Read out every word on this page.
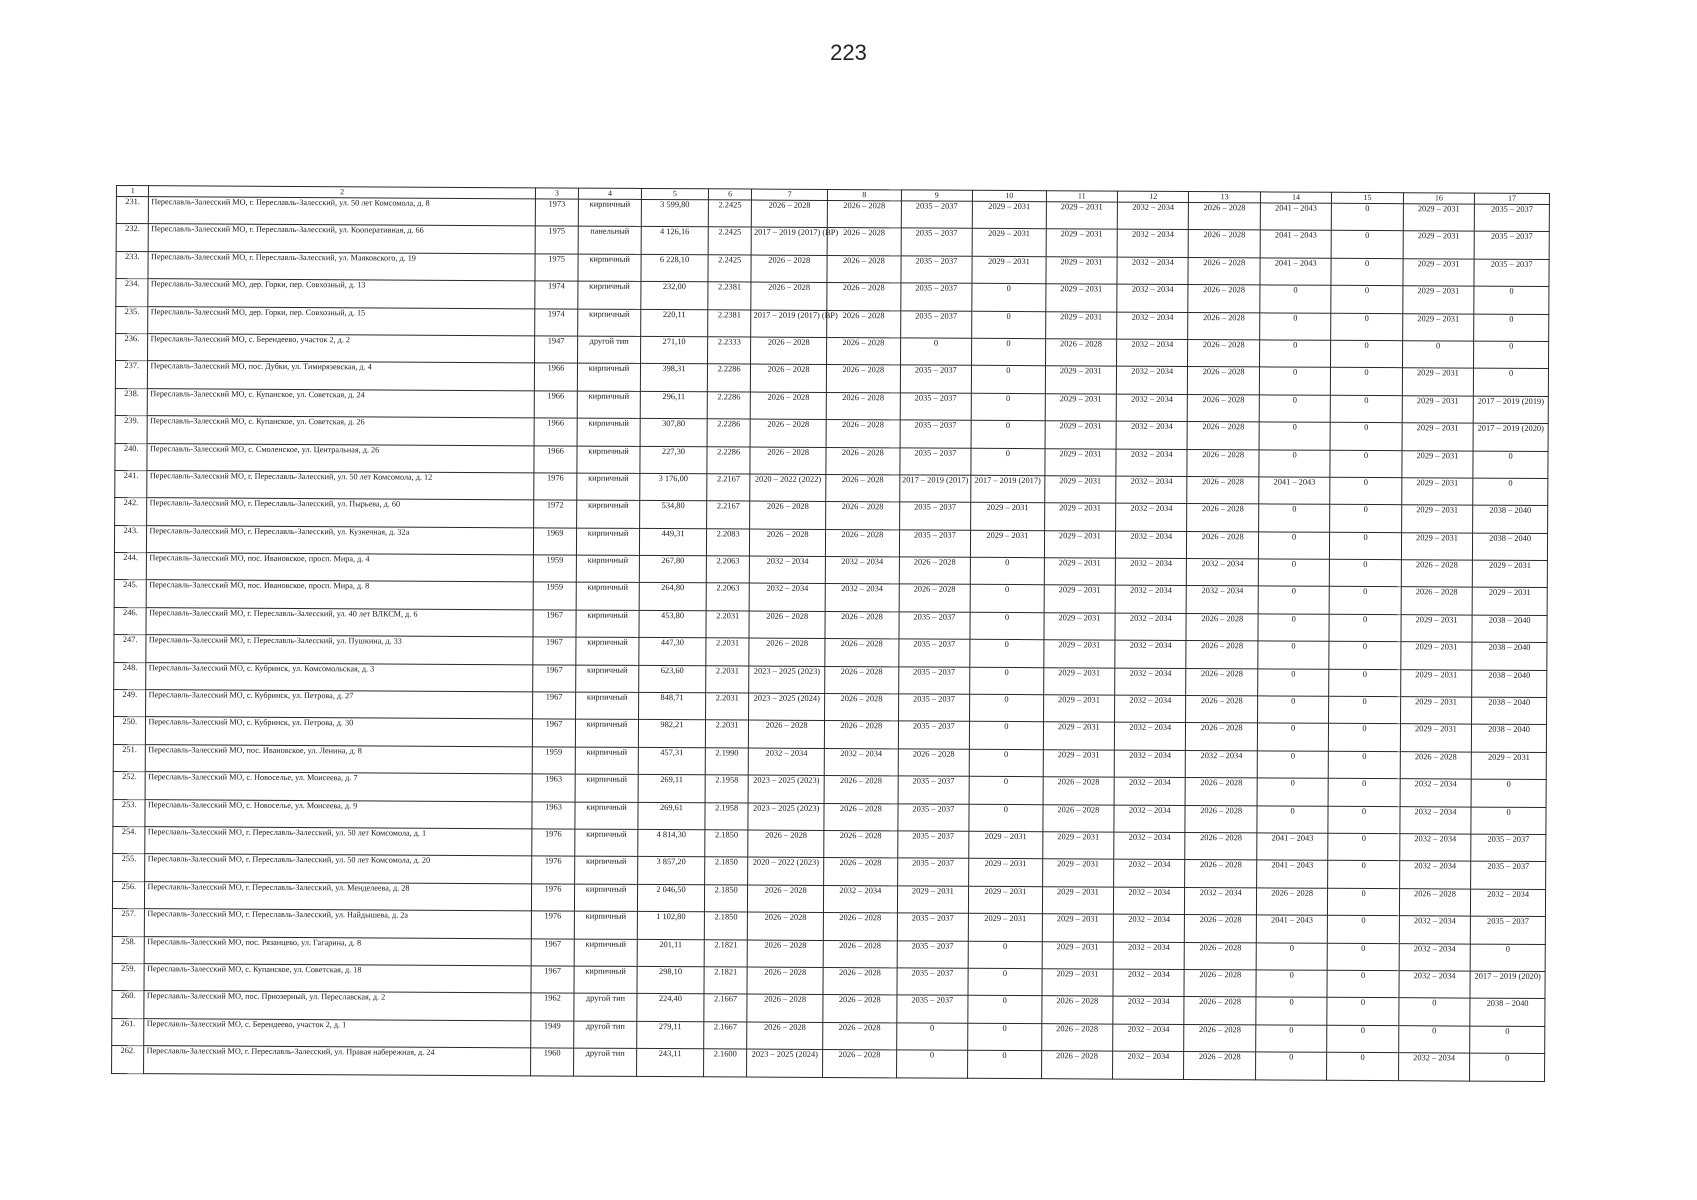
223
1	2	3	4	5	6	7	8	9	10	11	12	13	14	15	16	17
231.	Переславль-Залесский МО, г. Переславль-Залесский, ул. 50 лет Комсомола, д. 8	1973	кирпичный	3 599,80	2.2425	2026 – 2028	2026 – 2028	2035 – 2037	2029 – 2031	2029 – 2031	2032 – 2034	2026 – 2028	2041 – 2043	0	2029 – 2031	2035 – 2037
232.	Переславль-Залесский МО, г. Переславль-Залесский, ул. Кооперативная, д. 66	1975	панельный	4 126,16	2.2425	2017 – 2019 (2017) (ВР)	2026 – 2028	2035 – 2037	2029 – 2031	2029 – 2031	2032 – 2034	2026 – 2028	2041 – 2043	0	2029 – 2031	2035 – 2037
233.	Переславль-Залесский МО, г. Переславль-Залесский, ул. Маяковского, д. 19	1975	кирпичный	6 228,10	2.2425	2026 – 2028	2026 – 2028	2035 – 2037	2029 – 2031	2029 – 2031	2032 – 2034	2026 – 2028	2041 – 2043	0	2029 – 2031	2035 – 2037
234.	Переславль-Залесский МО, дер. Горки, пер. Совхозный, д. 13	1974	кирпичный	232,00	2.2381	2026 – 2028	2026 – 2028	2035 – 2037	0	2029 – 2031	2032 – 2034	2026 – 2028	0	0	2029 – 2031	0
235.	Переславль-Залесский МО, дер. Горки, пер. Совхозный, д. 15	1974	кирпичный	220,11	2.2381	2017 – 2019 (2017) (ВР)	2026 – 2028	2035 – 2037	0	2029 – 2031	2032 – 2034	2026 – 2028	0	0	2029 – 2031	0
236.	Переславль-Залесский МО, с. Берендеево, участок 2, д. 2	1947	другой тип	271,10	2.2333	2026 – 2028	2026 – 2028	0	0	2026 – 2028	2032 – 2034	2026 – 2028	0	0	0	0
237.	Переславль-Залесский МО, пос. Дубки, ул. Тимирязевская, д. 4	1966	кирпичный	398,31	2.2286	2026 – 2028	2026 – 2028	2035 – 2037	0	2029 – 2031	2032 – 2034	2026 – 2028	0	0	2029 – 2031	0
238.	Переславль-Залесский МО, с. Купанское, ул. Советская, д. 24	1966	кирпичный	296,11	2.2286	2026 – 2028	2026 – 2028	2035 – 2037	0	2029 – 2031	2032 – 2034	2026 – 2028	0	0	2029 – 2031	2017 – 2019 (2019)
239.	Переславль-Залесский МО, с. Купанское, ул. Советская, д. 26	1966	кирпичный	307,80	2.2286	2026 – 2028	2026 – 2028	2035 – 2037	0	2029 – 2031	2032 – 2034	2026 – 2028	0	0	2029 – 2031	2017 – 2019 (2020)
240.	Переславль-Залесский МО, с. Смоленское, ул. Центральная, д. 26	1966	кирпичный	227,30	2.2286	2026 – 2028	2026 – 2028	2035 – 2037	0	2029 – 2031	2032 – 2034	2026 – 2028	0	0	2029 – 2031	0
241.	Переславль-Залесский МО, г. Переславль-Залесский, ул. 50 лет Комсомола, д. 12	1976	кирпичный	3 176,00	2.2167	2020 – 2022 (2022)	2026 – 2028	2017 – 2019 (2017)	2017 – 2019 (2017)	2029 – 2031	2032 – 2034	2026 – 2028	2041 – 2043	0	2029 – 2031	0
242.	Переславль-Залесский МО, г. Переславль-Залесский, ул. Пырьева, д. 60	1972	кирпичный	534,80	2.2167	2026 – 2028	2026 – 2028	2035 – 2037	2029 – 2031	2029 – 2031	2032 – 2034	2026 – 2028	0	0	2029 – 2031	2038 – 2040
243.	Переславль-Залесский МО, г. Переславль-Залесский, ул. Кузнечная, д. 32а	1969	кирпичный	449,31	2.2083	2026 – 2028	2026 – 2028	2035 – 2037	2029 – 2031	2029 – 2031	2032 – 2034	2026 – 2028	0	0	2029 – 2031	2038 – 2040
244.	Переславль-Залесский МО, пос. Ивановское, просп. Мира, д. 4	1959	кирпичный	267,80	2.2063	2032 – 2034	2032 – 2034	2026 – 2028	0	2029 – 2031	2032 – 2034	2032 – 2034	0	0	2026 – 2028	2029 – 2031
245.	Переславль-Залесский МО, пос. Ивановское, просп. Мира, д. 8	1959	кирпичный	264,80	2.2063	2032 – 2034	2032 – 2034	2026 – 2028	0	2029 – 2031	2032 – 2034	2032 – 2034	0	0	2026 – 2028	2029 – 2031
246.	Переславль-Залесский МО, г. Переславль-Залесский, ул. 40 лет ВЛКСМ, д. 6	1967	кирпичный	453,80	2.2031	2026 – 2028	2026 – 2028	2035 – 2037	0	2029 – 2031	2032 – 2034	2026 – 2028	0	0	2029 – 2031	2038 – 2040
247.	Переславль-Залесский МО, г. Переславль-Залесский, ул. Пушкина, д. 33	1967	кирпичный	447,30	2.2031	2026 – 2028	2026 – 2028	2035 – 2037	0	2029 – 2031	2032 – 2034	2026 – 2028	0	0	2029 – 2031	2038 – 2040
248.	Переславль-Залесский МО, с. Кубринск, ул. Комсомольская, д. 3	1967	кирпичный	623,60	2.2031	2023 – 2025 (2023)	2026 – 2028	2035 – 2037	0	2029 – 2031	2032 – 2034	2026 – 2028	0	0	2029 – 2031	2038 – 2040
249.	Переславль-Залесский МО, с. Кубринск, ул. Петрова, д. 27	1967	кирпичный	848,71	2.2031	2023 – 2025 (2024)	2026 – 2028	2035 – 2037	0	2029 – 2031	2032 – 2034	2026 – 2028	0	0	2029 – 2031	2038 – 2040
250.	Переславль-Залесский МО, с. Кубринск, ул. Петрова, д. 30	1967	кирпичный	982,21	2.2031	2026 – 2028	2026 – 2028	2035 – 2037	0	2029 – 2031	2032 – 2034	2026 – 2028	0	0	2029 – 2031	2038 – 2040
251.	Переславль-Залесский МО, пос. Ивановское, ул. Ленина, д. 8	1959	кирпичный	457,31	2.1990	2032 – 2034	2032 – 2034	2026 – 2028	0	2029 – 2031	2032 – 2034	2032 – 2034	0	0	2026 – 2028	2029 – 2031
252.	Переславль-Залесский МО, с. Новоселье, ул. Моисеева, д. 7	1963	кирпичный	269,11	2.1958	2023 – 2025 (2023)	2026 – 2028	2035 – 2037	0	2026 – 2028	2032 – 2034	2026 – 2028	0	0	2032 – 2034	0
253.	Переславль-Залесский МО, с. Новоселье, ул. Моисеева, д. 9	1963	кирпичный	269,61	2.1958	2023 – 2025 (2023)	2026 – 2028	2035 – 2037	0	2026 – 2028	2032 – 2034	2026 – 2028	0	0	2032 – 2034	0
254.	Переславль-Залесский МО, г. Переславль-Залесский, ул. 50 лет Комсомола, д. 1	1976	кирпичный	4 814,30	2.1850	2026 – 2028	2026 – 2028	2035 – 2037	2029 – 2031	2029 – 2031	2032 – 2034	2026 – 2028	2041 – 2043	0	2032 – 2034	2035 – 2037
255.	Переславль-Залесский МО, г. Переславль-Залесский, ул. 50 лет Комсомола, д. 20	1976	кирпичный	3 857,20	2.1850	2020 – 2022 (2023)	2026 – 2028	2035 – 2037	2029 – 2031	2029 – 2031	2032 – 2034	2026 – 2028	2041 – 2043	0	2032 – 2034	2035 – 2037
256.	Переславль-Залесский МО, г. Переславль-Залесский, ул. Менделеева, д. 28	1976	кирпичный	2 046,50	2.1850	2026 – 2028	2032 – 2034	2029 – 2031	2029 – 2031	2029 – 2031	2032 – 2034	2032 – 2034	2026 – 2028	0	2026 – 2028	2032 – 2034
257.	Переславль-Залесский МО, г. Переславль-Залесский, ул. Найдышева, д. 2а	1976	кирпичный	1 102,80	2.1850	2026 – 2028	2026 – 2028	2035 – 2037	2029 – 2031	2029 – 2031	2032 – 2034	2026 – 2028	2041 – 2043	0	2032 – 2034	2035 – 2037
258.	Переславль-Залесский МО, пос. Рязанцево, ул. Гагарина, д. 8	1967	кирпичный	201,11	2.1821	2026 – 2028	2026 – 2028	2035 – 2037	0	2029 – 2031	2032 – 2034	2026 – 2028	0	0	2032 – 2034	0
259.	Переславль-Залесский МО, с. Купанское, ул. Советская, д. 18	1967	кирпичный	298,10	2.1821	2026 – 2028	2026 – 2028	2035 – 2037	0	2029 – 2031	2032 – 2034	2026 – 2028	0	0	2032 – 2034	2017 – 2019 (2020)
260.	Переславль-Залесский МО, пос. Приозерный, ул. Переславская, д. 2	1962	другой тип	224,40	2.1667	2026 – 2028	2026 – 2028	2035 – 2037	0	2026 – 2028	2032 – 2034	2026 – 2028	0	0	0	2038 – 2040
261.	Переславль-Залесский МО, с. Берендеево, участок 2, д. 1	1949	другой тип	279,11	2.1667	2026 – 2028	2026 – 2028	0	0	2026 – 2028	2032 – 2034	2026 – 2028	0	0	0	0
262.	Переславль-Залесский МО, г. Переславль-Залесский, ул. Правая набережная, д. 24	1960	другой тип	243,11	2.1600	2023 – 2025 (2024)	2026 – 2028	0	0	2026 – 2028	2032 – 2034	2026 – 2028	0	0	2032 – 2034	0
